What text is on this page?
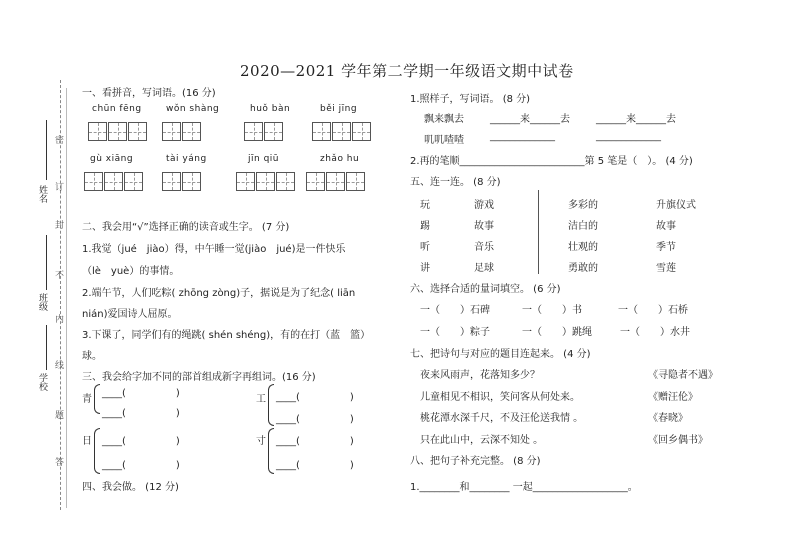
2020—2021 学年第二学期一年级语文期中试卷
姓名
班级
学校
密
订
封
不
内
线
题
答
一、看拼音，写词语。(16 分)
chūn fēng	wǒn shàng	huǒ bàn	běi jīng
gù xiāng	tài yáng	jīn qiū	zhǎo hu
二、我会用“√”选择正确的读音或生字。 (7 分)
1.我觉（jué　jiào）得，中午睡一觉(jiào　jué)是一件快乐
（lè　yuè）的事情。
2.端午节，人们吃粽( zhōng zòng)子，据说是为了纪念( liān
nián)爱国诗人屈原。
3.下课了，同学们有的绳跳( shén shéng)，有的在打（蓝　篮）
球。
三、我会给字加不同的部首组成新字再组词。(16 分)
青
____(　　　　　)
____(　　　　　)
日 ____(　　　　　)
____(　　　　　)
工 ____(　　　　　)
____(　　　　　)
寸 ____(　　　　　)
____(　　　　　)
四、我会做。 (12 分)
1.照样子，写词语。 (8 分)
飘来飘去	______来______去	______来______去
叽叽喳喳	_____________	_____________
2.再的笔顺_________________________第 5 笔是（　）。 (4 分)
五、连一连。 (8 分)
玩	游戏	多彩的	升旗仪式
踢	故事	洁白的	故事
听	音乐	壮观的	季节
讲	足球	勇敢的	雪莲
六、选择合适的量词填空。 (6 分)
一（　　）石碑	一（　　）书	一（　　）石桥
一（　　）粽子	一（　　）跳绳	一（　　）水井
七、把诗句与对应的题目连起来。 (4 分)
夜来风雨声，花落知多少？	《寻隐者不遇》
儿童相见不相识，笑问客从何处来。	《赠汪伦》
桃花潭水深千尺，不及汪伦送我情 。	《春晓》
只在此山中，云深不知处 。	《回乡偶书》
八、把句子补充完整。 (8 分)
1.________和________ 一起___________________。
